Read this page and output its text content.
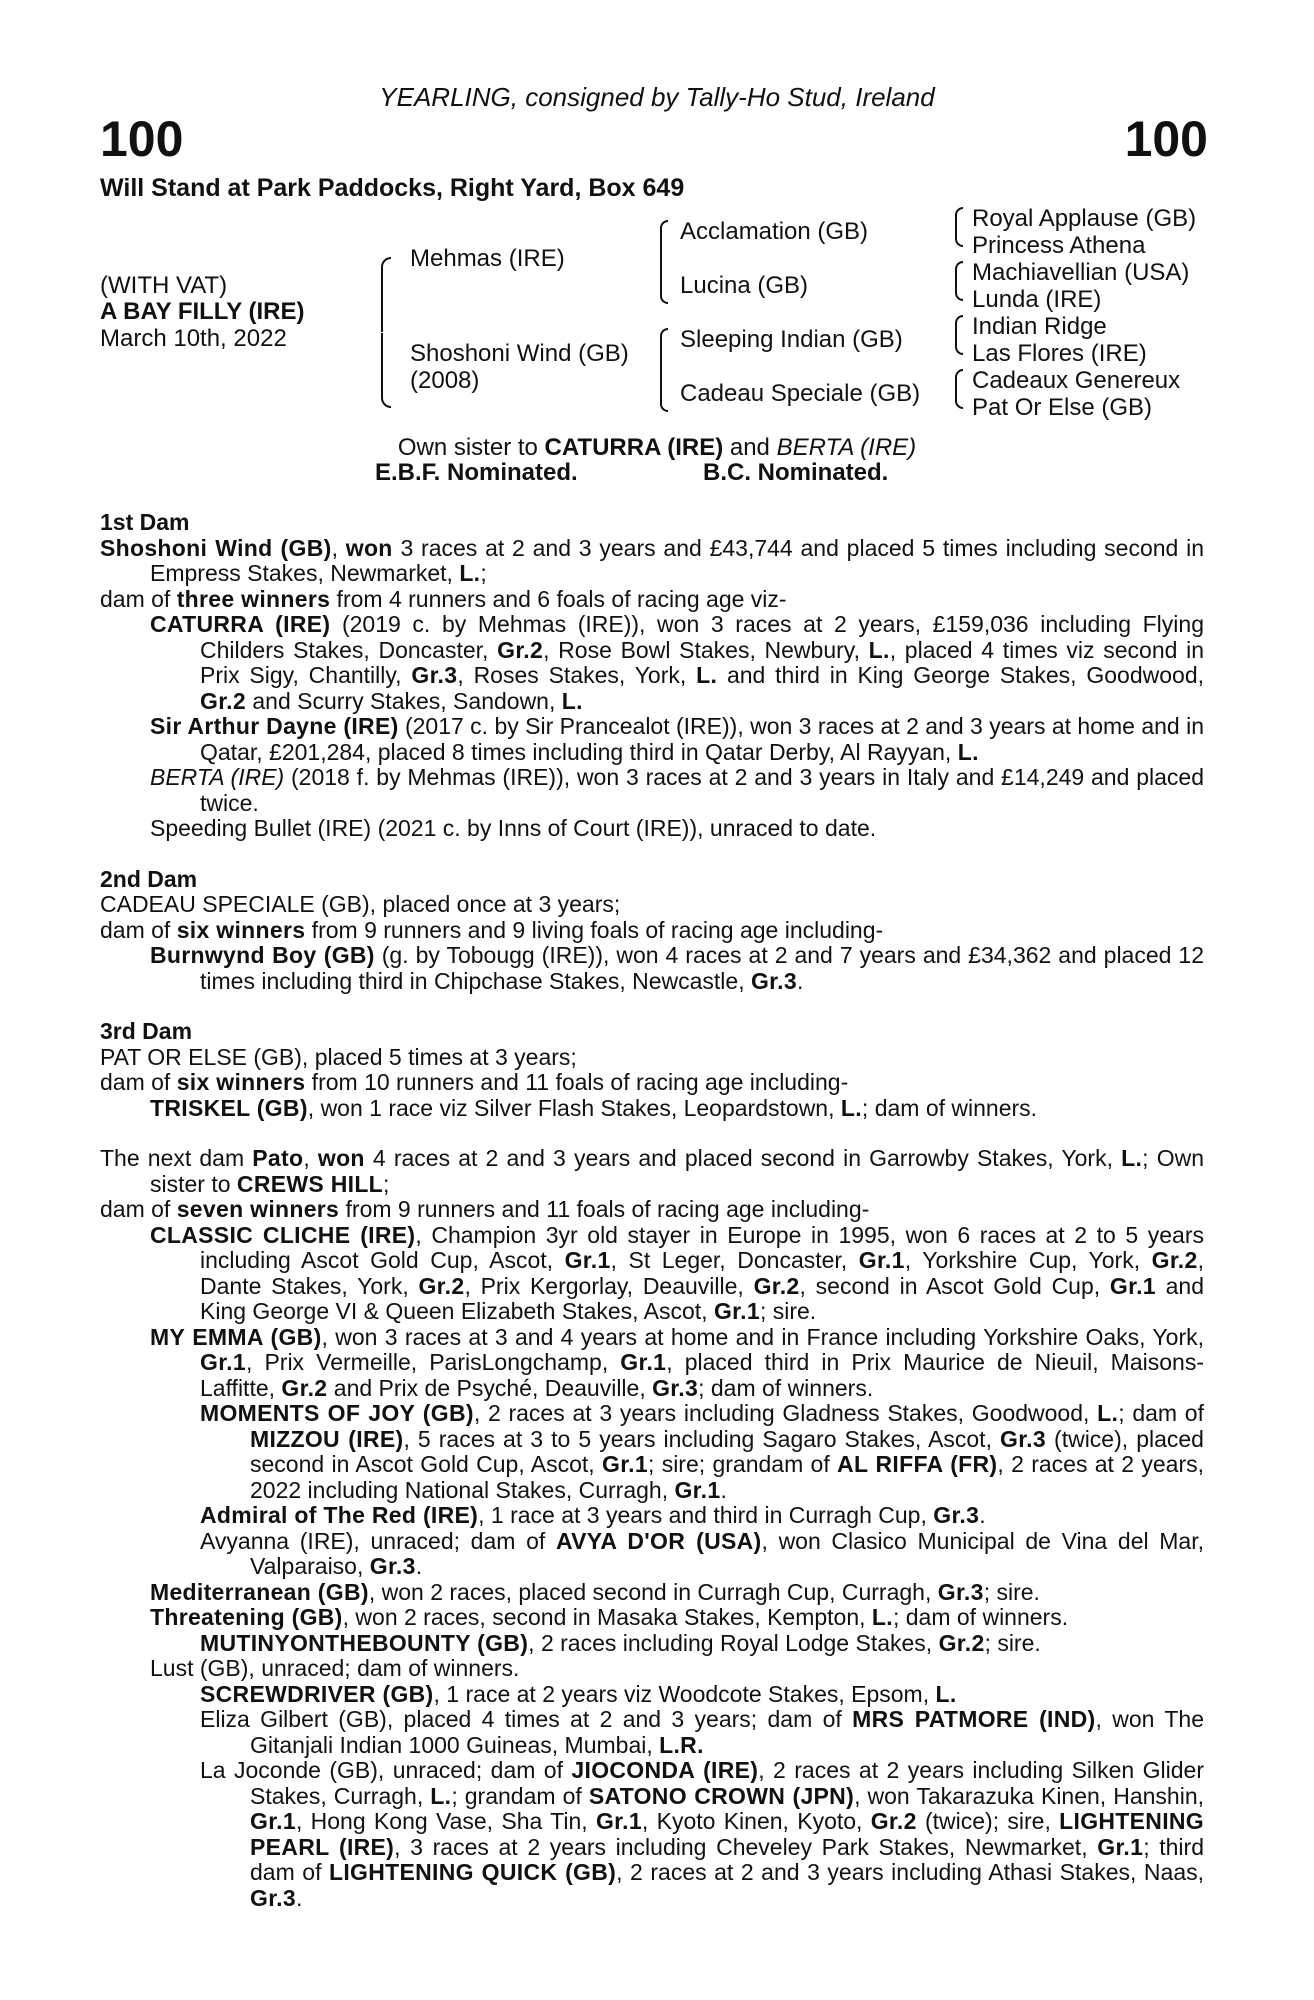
YEARLING, consigned by Tally-Ho Stud, Ireland
100	100
Will Stand at Park Paddocks, Right Yard, Box 649
(WITH VAT)
A BAY FILLY (IRE)
March 10th, 2022
Mehmas (IRE)
Shoshoni Wind (GB)
(2008)
Acclamation (GB)
Lucina (GB)
Sleeping Indian (GB)
Cadeau Speciale (GB)
Royal Applause (GB)
Princess Athena
Machiavellian (USA)
Lunda (IRE)
Indian Ridge
Las Flores (IRE)
Cadeaux Genereux
Pat Or Else (GB)
Own sister to CATURRA (IRE) and BERTA (IRE)
E.B.F. Nominated.	B.C. Nominated.
1st Dam

Shoshoni Wind (GB), won 3 races at 2 and 3 years and £43,744 and placed 5 times including second in Empress Stakes, Newmarket, L.;

dam of three winners from 4 runners and 6 foals of racing age viz-

CATURRA (IRE) (2019 c. by Mehmas (IRE)), won 3 races at 2 years, £159,036 including Flying Childers Stakes, Doncaster, Gr.2, Rose Bowl Stakes, Newbury, L., placed 4 times viz second in Prix Sigy, Chantilly, Gr.3, Roses Stakes, York, L. and third in King George Stakes, Goodwood, Gr.2 and Scurry Stakes, Sandown, L.

Sir Arthur Dayne (IRE) (2017 c. by Sir Prancealot (IRE)), won 3 races at 2 and 3 years at home and in Qatar, £201,284, placed 8 times including third in Qatar Derby, Al Rayyan, L.

BERTA (IRE) (2018 f. by Mehmas (IRE)), won 3 races at 2 and 3 years in Italy and £14,249 and placed twice.

Speeding Bullet (IRE) (2021 c. by Inns of Court (IRE)), unraced to date.

2nd Dam

CADEAU SPECIALE (GB), placed once at 3 years;

dam of six winners from 9 runners and 9 living foals of racing age including-

Burnwynd Boy (GB) (g. by Tobougg (IRE)), won 4 races at 2 and 7 years and £34,362 and placed 12 times including third in Chipchase Stakes, Newcastle, Gr.3.

3rd Dam

PAT OR ELSE (GB), placed 5 times at 3 years;

dam of six winners from 10 runners and 11 foals of racing age including-

TRISKEL (GB), won 1 race viz Silver Flash Stakes, Leopardstown, L.; dam of winners.

The next dam Pato, won 4 races at 2 and 3 years and placed second in Garrowby Stakes, York, L.; Own sister to CREWS HILL;

dam of seven winners from 9 runners and 11 foals of racing age including-

CLASSIC CLICHE (IRE), Champion 3yr old stayer in Europe in 1995, won 6 races at 2 to 5 years including Ascot Gold Cup, Ascot, Gr.1, St Leger, Doncaster, Gr.1, Yorkshire Cup, York, Gr.2, Dante Stakes, York, Gr.2, Prix Kergorlay, Deauville, Gr.2, second in Ascot Gold Cup, Gr.1 and King George VI & Queen Elizabeth Stakes, Ascot, Gr.1; sire.

MY EMMA (GB), won 3 races at 3 and 4 years at home and in France including Yorkshire Oaks, York, Gr.1, Prix Vermeille, ParisLongchamp, Gr.1, placed third in Prix Maurice de Nieuil, Maisons-Laffitte, Gr.2 and Prix de Psyché, Deauville, Gr.3; dam of winners.

MOMENTS OF JOY (GB), 2 races at 3 years including Gladness Stakes, Goodwood, L.; dam of MIZZOU (IRE), 5 races at 3 to 5 years including Sagaro Stakes, Ascot, Gr.3 (twice), placed second in Ascot Gold Cup, Ascot, Gr.1; sire; grandam of AL RIFFA (FR), 2 races at 2 years, 2022 including National Stakes, Curragh, Gr.1.

Admiral of The Red (IRE), 1 race at 3 years and third in Curragh Cup, Gr.3.

Avyanna (IRE), unraced; dam of AVYA D'OR (USA), won Clasico Municipal de Vina del Mar, Valparaiso, Gr.3.

Mediterranean (GB), won 2 races, placed second in Curragh Cup, Curragh, Gr.3; sire.

Threatening (GB), won 2 races, second in Masaka Stakes, Kempton, L.; dam of winners.

MUTINYONTHEBOUNTY (GB), 2 races including Royal Lodge Stakes, Gr.2; sire.

Lust (GB), unraced; dam of winners.

SCREWDRIVER (GB), 1 race at 2 years viz Woodcote Stakes, Epsom, L.

Eliza Gilbert (GB), placed 4 times at 2 and 3 years; dam of MRS PATMORE (IND), won The Gitanjali Indian 1000 Guineas, Mumbai, L.R.

La Joconde (GB), unraced; dam of JIOCONDA (IRE), 2 races at 2 years including Silken Glider Stakes, Curragh, L.; grandam of SATONO CROWN (JPN), won Takarazuka Kinen, Hanshin, Gr.1, Hong Kong Vase, Sha Tin, Gr.1, Kyoto Kinen, Kyoto, Gr.2 (twice); sire, LIGHTENING PEARL (IRE), 3 races at 2 years including Cheveley Park Stakes, Newmarket, Gr.1; third dam of LIGHTENING QUICK (GB), 2 races at 2 and 3 years including Athasi Stakes, Naas, Gr.3.
